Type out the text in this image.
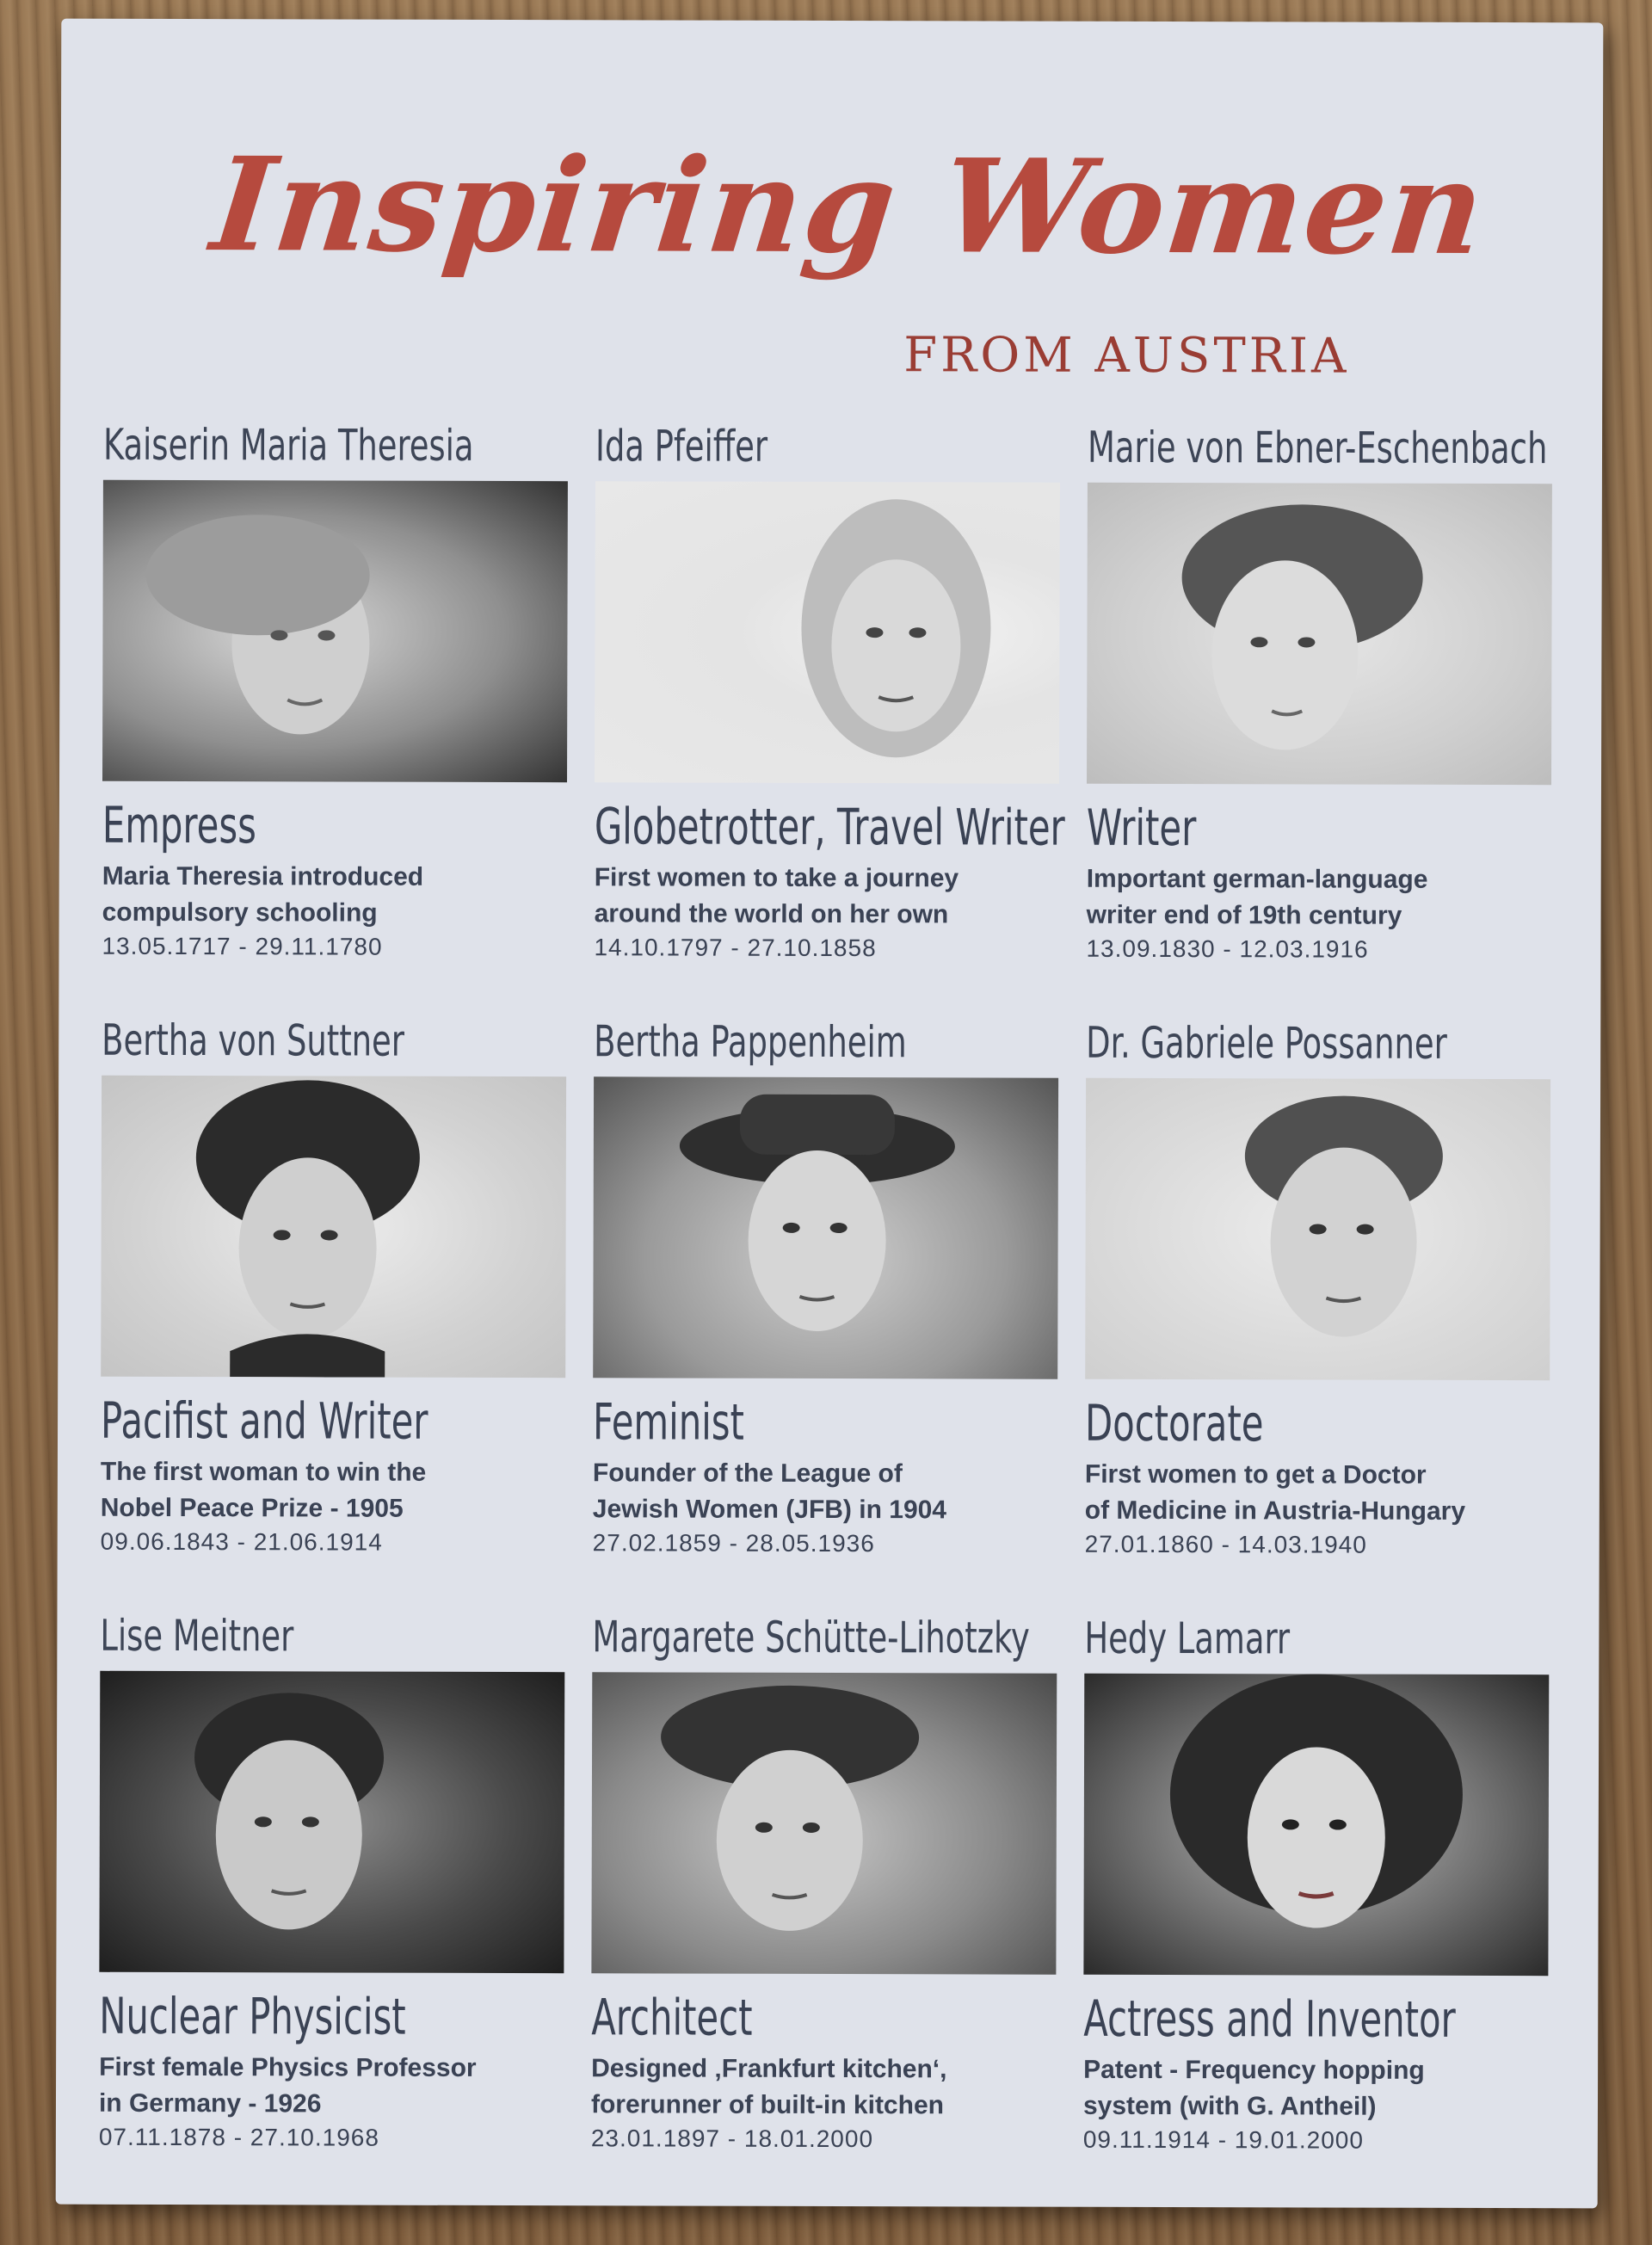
Inspiring Women
FROM AUSTRIA
Kaiserin Maria Theresia
Empress
Maria Theresia introduced
compulsory schooling
13.05.1717 - 29.11.1780
Ida Pfeiffer
Globetrotter, Travel Writer
First women to take a journey
around the world on her own
14.10.1797 - 27.10.1858
Marie von Ebner-Eschenbach
Writer
Important german-language
writer end of 19th century
13.09.1830 - 12.03.1916
Bertha von Suttner
Pacifist and Writer
The first woman to win the
Nobel Peace Prize - 1905
09.06.1843 - 21.06.1914
Bertha Pappenheim
Feminist
Founder of the League of
Jewish Women (JFB) in 1904
27.02.1859 - 28.05.1936
Dr. Gabriele Possanner
Doctorate
First women to get a Doctor
of Medicine in Austria-Hungary
27.01.1860 - 14.03.1940
Lise Meitner
Nuclear Physicist
First female Physics Professor
in Germany - 1926
07.11.1878 - 27.10.1968
Margarete Schütte-Lihotzky
Architect
Designed ‚Frankfurt kitchen‘,
forerunner of built-in kitchen
23.01.1897 - 18.01.2000
Hedy Lamarr
Actress and Inventor
Patent - Frequency hopping
system (with G. Antheil)
09.11.1914 - 19.01.2000
